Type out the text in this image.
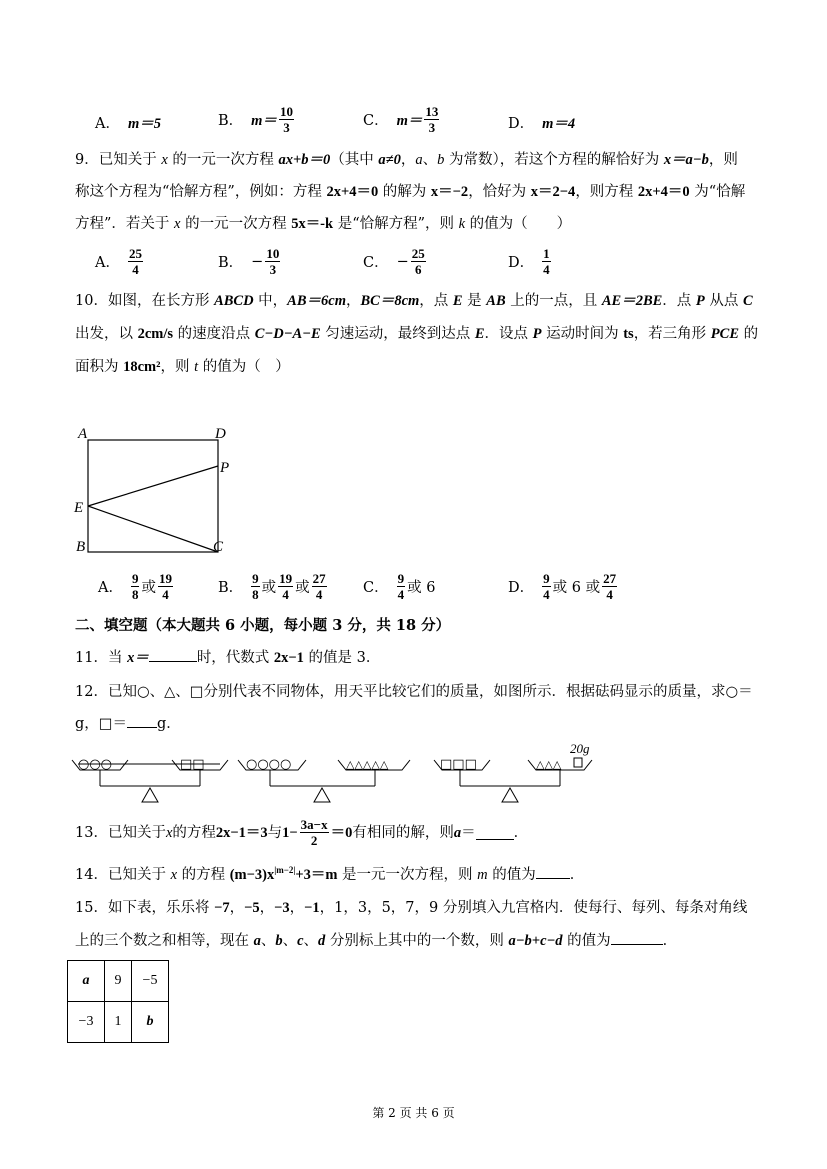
A． m＝5	B． $m= \frac{10}{3}$	C． $m= \frac{13}{3}$	D． m＝4
9．已知关于 x 的一元一次方程 ax+b＝0（其中 a≠0，a、b 为常数），若这个方程的解恰好为 x＝a−b，则
称这个方程为“恰解方程”，例如：方程 2x+4＝0 的解为 x＝−2，恰好为 x＝2−4，则方程 2x+4＝0 为“恰解
方程”．若关于 x 的一元一次方程 5x＝-k 是“恰解方程”，则 k 的值为（　　）
A． $\frac{25}{4}$	B． − $\frac{10}{3}$	C． − $\frac{25}{6}$	D． $\frac{1}{4}$
10．如图，在长方形 ABCD 中，AB＝6cm，BC＝8cm，点 E 是 AB 上的一点，且 AE＝2BE．点 P 从点 C
出发，以 2cm/s 的速度沿点 C−D−A−E 匀速运动，最终到达点 E．设点 P 运动时间为 ts，若三角形 PCE 的
面积为 18cm²，则 t 的值为（　）
A	D
P
E
B	C
A． $\frac{9}{8}$ 或 $\frac{19}{4}$	B． $\frac{9}{8}$ 或 $\frac{19}{4}$ 或 $\frac{27}{4}$	C． $\frac{9}{4}$ 或 6	D． $\frac{9}{4}$ 或 6 或 $\frac{27}{4}$
二、填空题（本大题共 6 小题，每小题 3 分，共 18 分）
11．当 x＝	时，代数式 2x−1 的值是 3．
12．已知○、△、□分别代表不同物体，用天平比较它们的质量，如图所示．根据砝码显示的质量，求○＝
g，□＝ g．
○○○	□□	○○○○	△△△△△	□□□	△△△
20g
13．已知关于 x 的方程 2x−1＝3 与 $1- \frac{3a-x}{2} =0$ 有相同的解，则 a ＝	．
14．已知关于 x 的方程 $(m-3)x^{|m-2|}+3=m$ 是一元一次方程，则 m 的值为 ．
15．如下表，乐乐将 −7，−5，−3，−1，1，3，5，7，9 分别填入九宫格内．使每行、每列、每条对角线
上的三个数之和相等，现在 a、b、c、d 分别标上其中的一个数，则 a−b+c−d 的值为	．
a	9	−5
−3	1	b
第 2 页 共 6 页
